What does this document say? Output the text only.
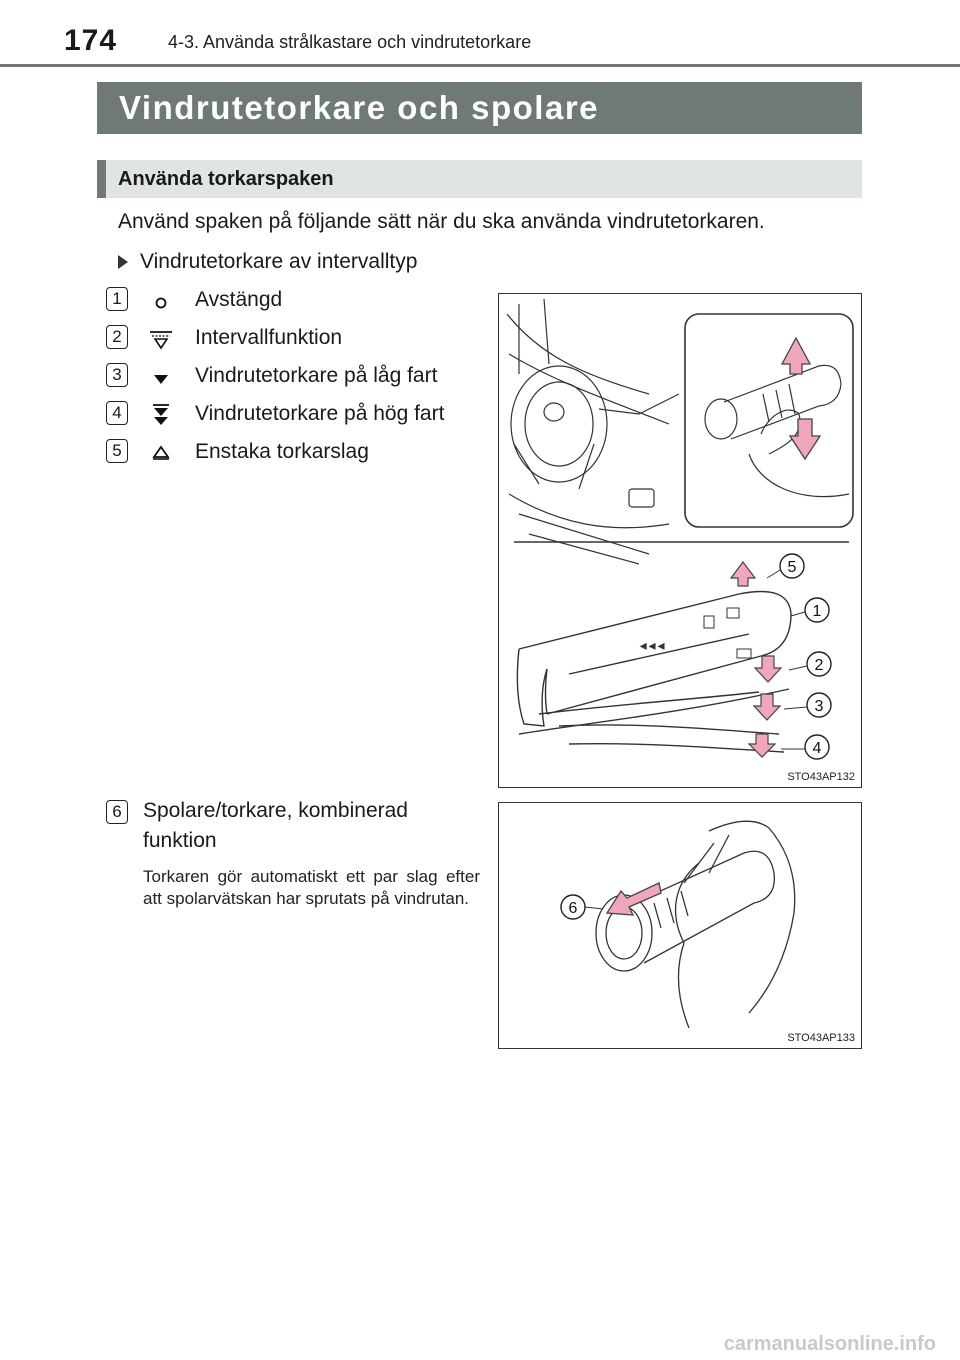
174	4-3. Använda strålkastare och vindrutetorkare
Vindrutetorkare och spolare
Använda torkarspaken
Använd spaken på följande sätt när du ska använda vindrutetorkaren.
Vindrutetorkare av intervalltyp
1	Avstängd
2	Intervallfunktion
3	Vindrutetorkare på låg fart
4	Vindrutetorkare på hög fart
5	Enstaka torkarslag
◄◄◄
5
1
2
3
4
STO43AP132
6 Spolare/torkare, kombinerad funktion
Torkaren gör automatiskt ett par slag efter att spolarvätskan har sprutats på vindrutan.
6
STO43AP133
carmanualsonline.info
